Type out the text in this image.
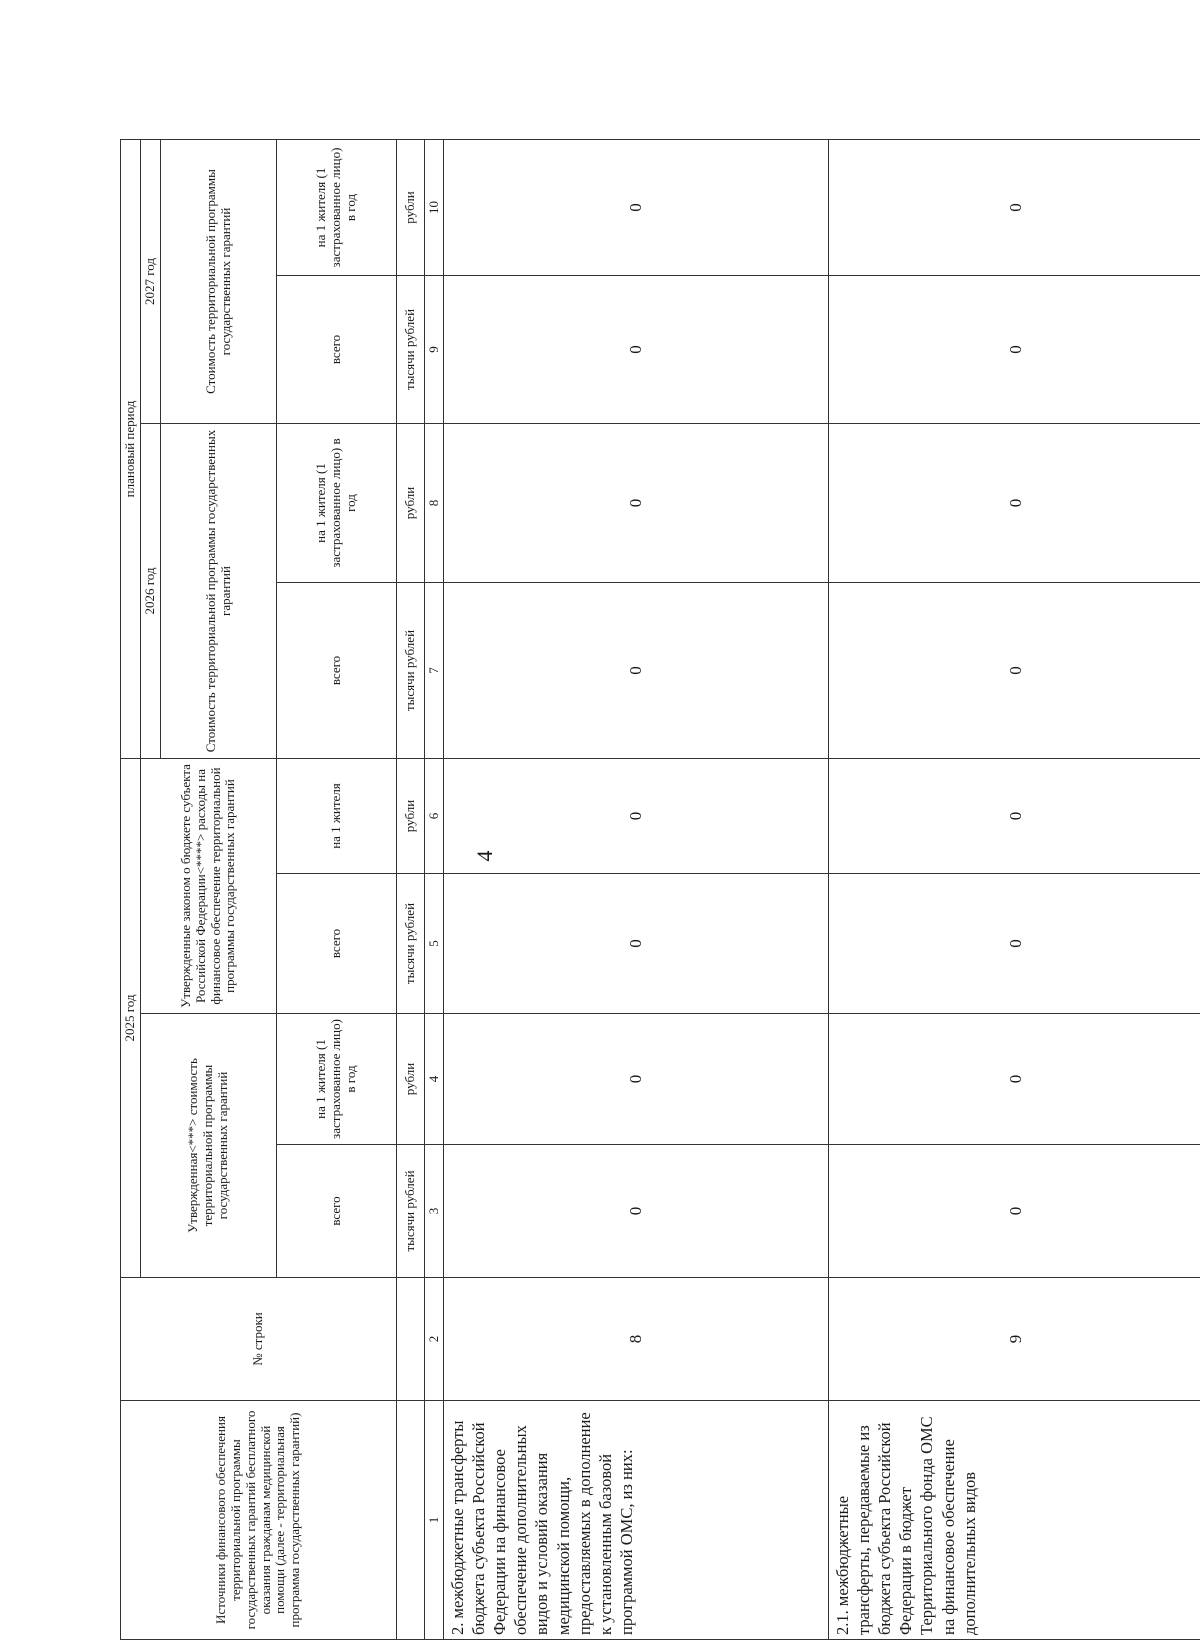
4
Источники финансового обеспечения территориальной программы государственных гарантий бесплатного оказания гражданам медицинской помощи (далее - территориальная программа государственных гарантий)	№ строки	2025 год				плановый период			
		Утвержденная<***> стоимость территориальной программы государственных гарантий		Утвержденные законом о бюджете субъекта Российской Федерации<****> расходы на финансовое обеспечение территориальной программы государственных гарантий		2026 год		2027 год	
						Стоимость территориальной программы государственных гарантий		Стоимость территориальной программы государственных гарантий	
		всего	на 1 жителя (1 застрахованное лицо) в год	всего	на 1 жителя	всего	на 1 жителя (1 застрахованное лицо) в год	всего	на 1 жителя (1 застрахованное лицо) в год
		тысячи рублей	рубли	тысячи рублей	рубли	тысячи рублей	рубли	тысячи рублей	рубли
1	2	3	4	5	6	7	8	9	10
2. межбюджетные трансферты бюджета субъекта Российской Федерации на финансовое обеспечение дополнительных видов и условий оказания медицинской помощи, предоставляемых в дополнение к установленным базовой программой ОМС, из них:	8	0	0	0	0	0	0	0	0
2.1. межбюджетные трансферты, передаваемые из бюджета субъекта Российской Федерации в бюджет Территориального фонда ОМС на финансовое обеспечение дополнительных видов	9	0	0	0	0	0	0	0	0
